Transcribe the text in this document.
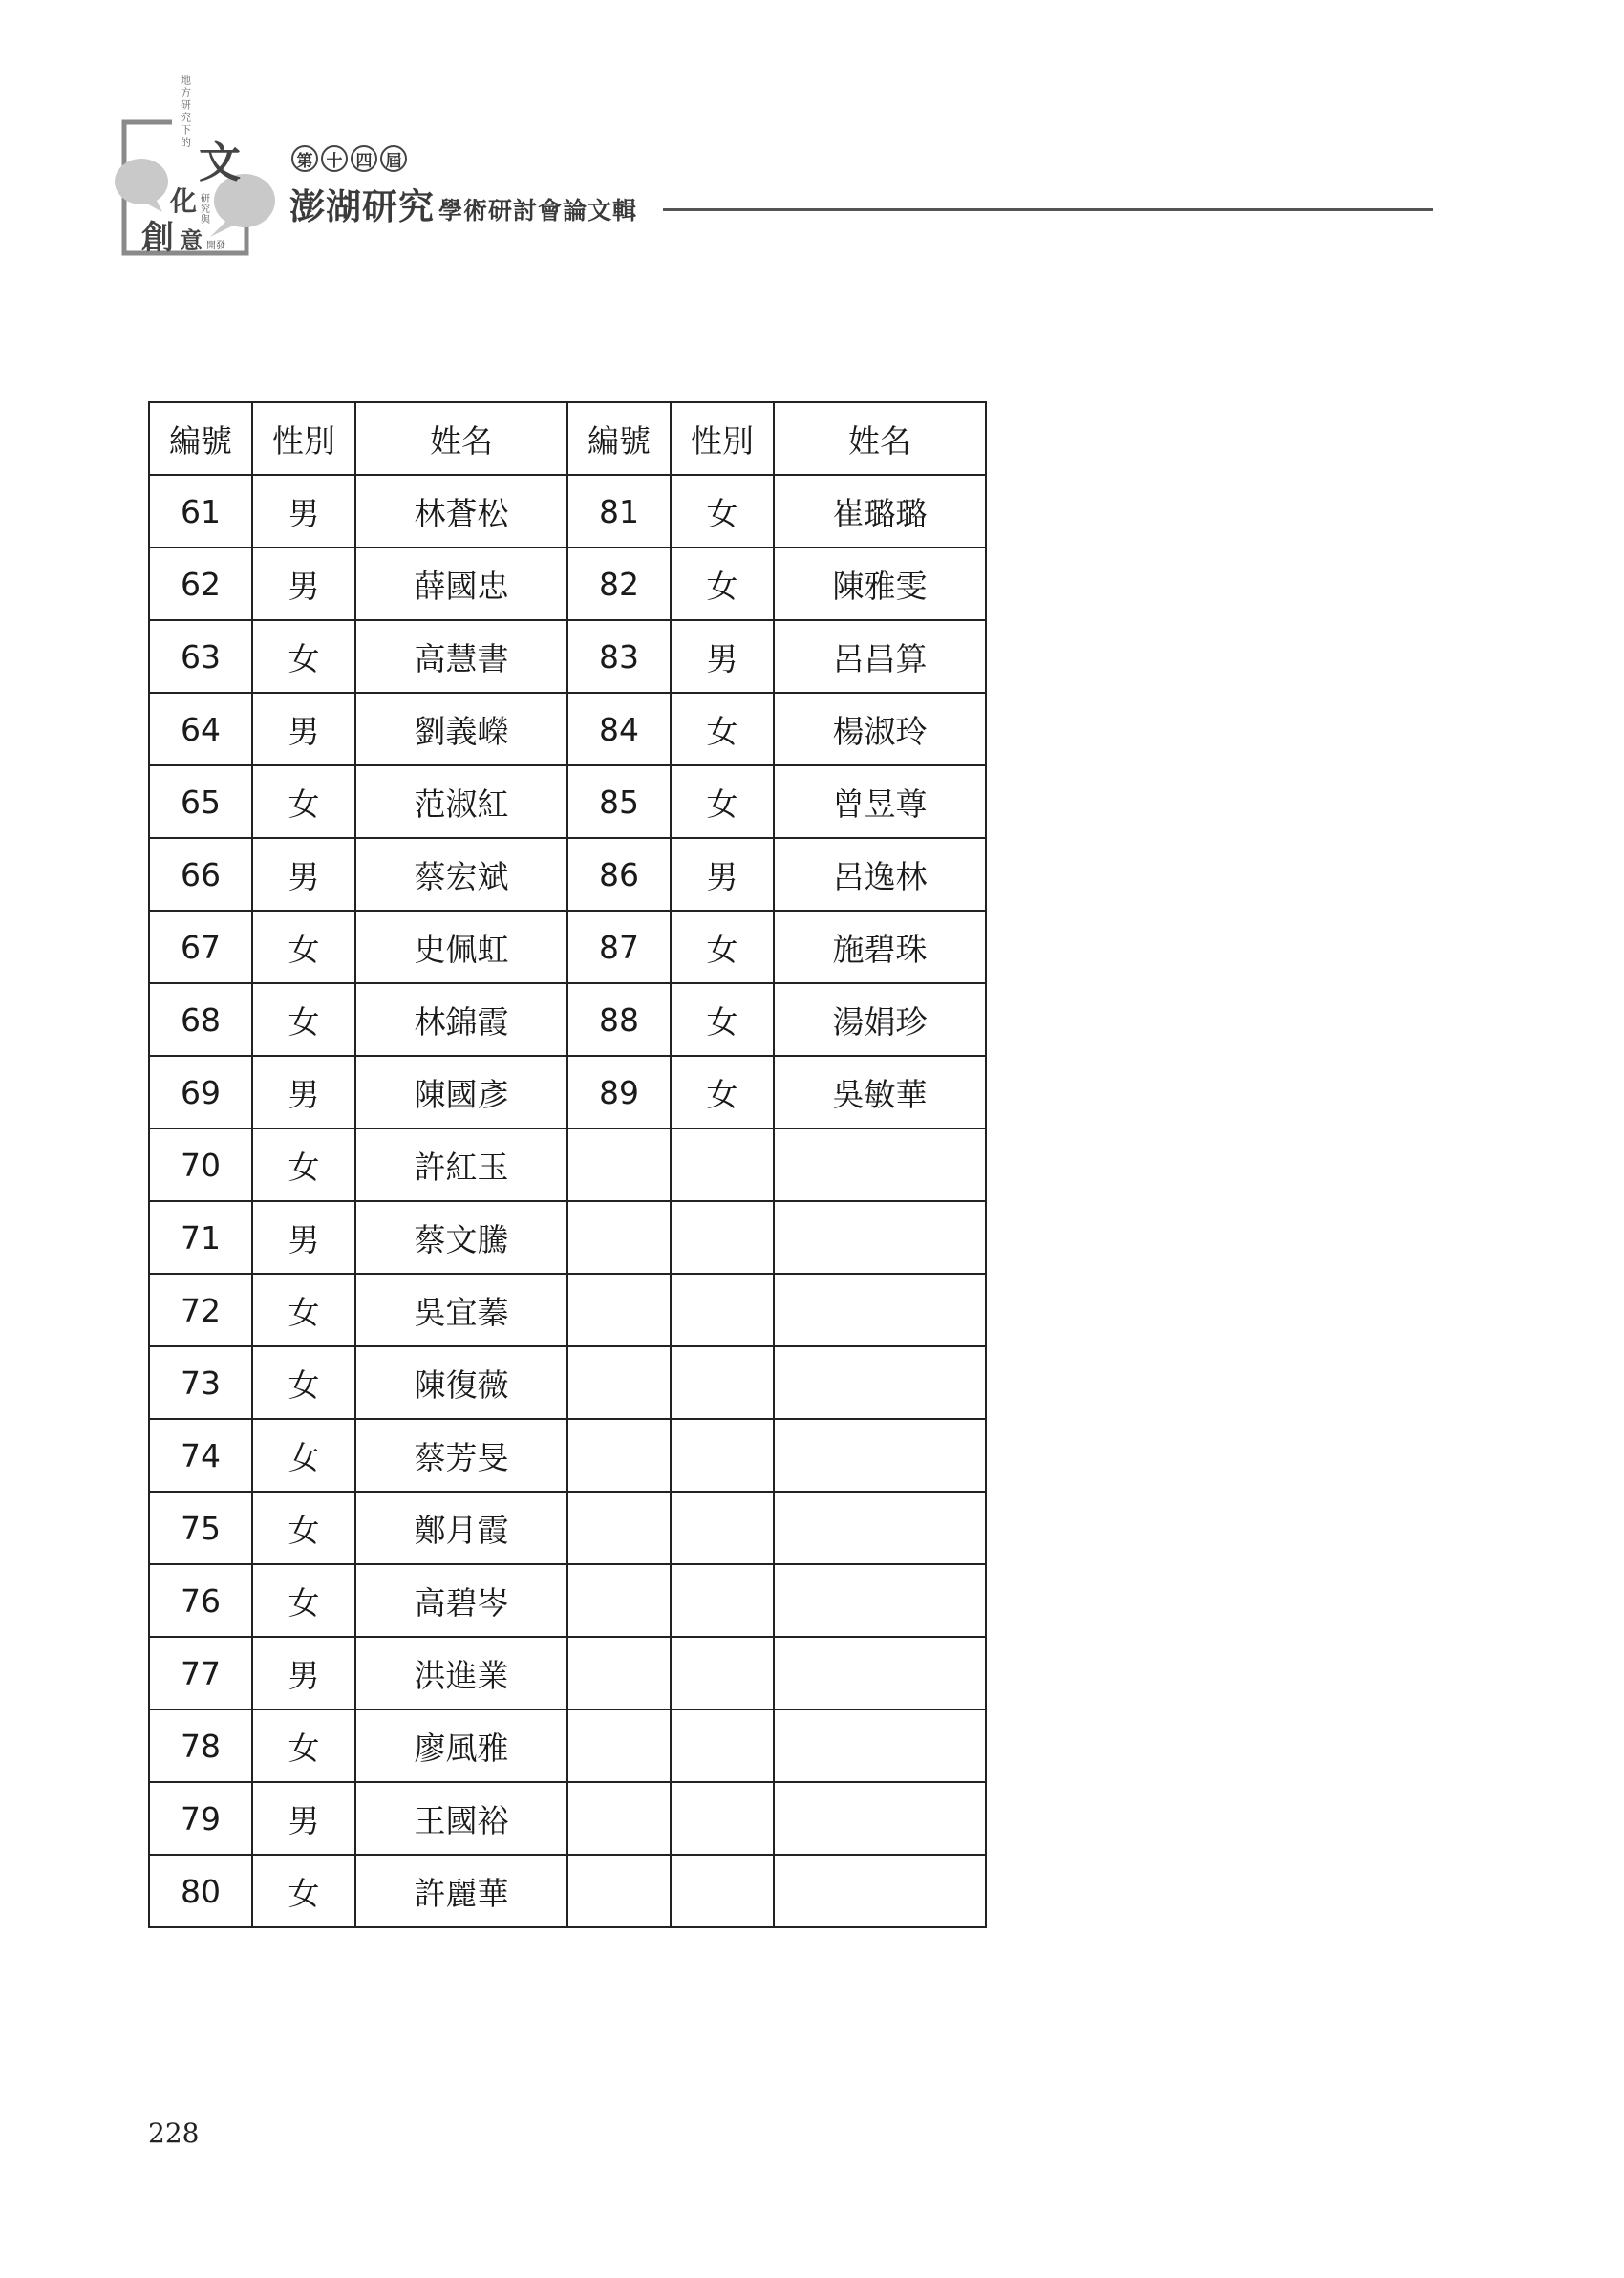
地方研究下的
文
化 研究與
創 意 開發
第 十 四 屆
澎湖研究 學術研討會論文輯
編號	性別	姓名	編號	性別	姓名
61	男	林蒼松	81	女	崔璐璐
62	男	薛國忠	82	女	陳雅雯
63	女	高慧書	83	男	呂昌算
64	男	劉義嶸	84	女	楊淑玲
65	女	范淑紅	85	女	曾昱尊
66	男	蔡宏斌	86	男	呂逸林
67	女	史佩虹	87	女	施碧珠
68	女	林錦霞	88	女	湯娟珍
69	男	陳國彥	89	女	吳敏華
70	女	許紅玉			
71	男	蔡文騰			
72	女	吳宜蓁			
73	女	陳復薇			
74	女	蔡芳旻			
75	女	鄭月霞			
76	女	高碧岑			
77	男	洪進業			
78	女	廖風雅			
79	男	王國裕			
80	女	許麗華			
228
